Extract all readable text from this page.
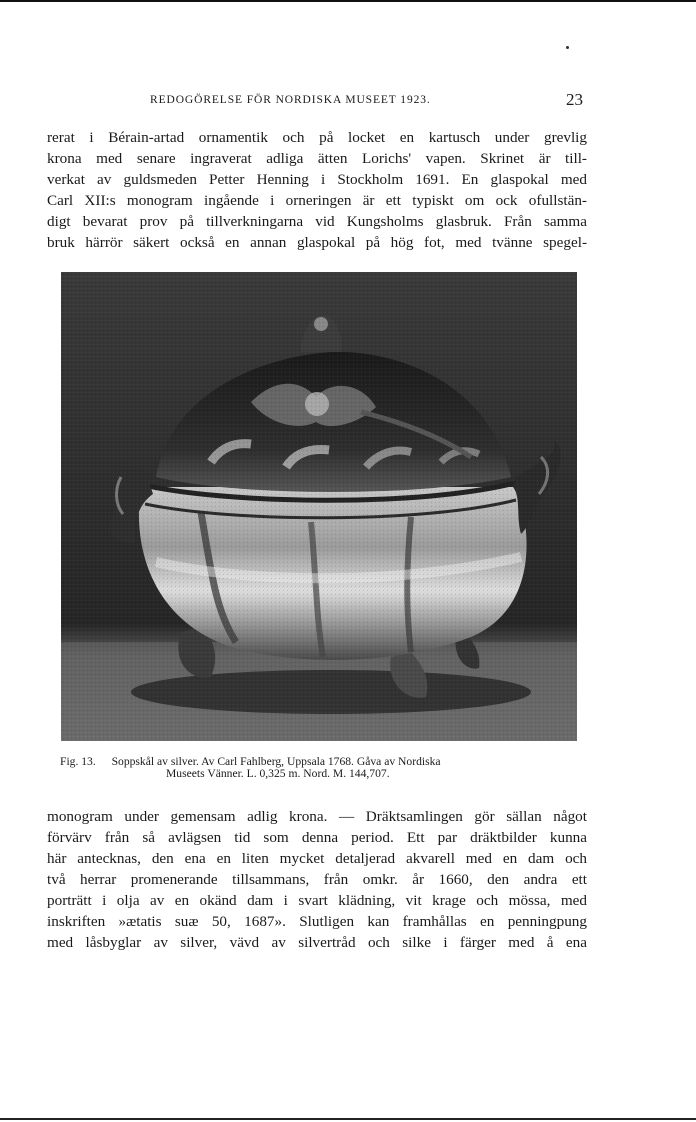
REDOGÖRELSE FÖR NORDISKA MUSEET 1923.	23
rerat i Bérain-artad ornamentik och på locket en kartusch under grevlig
krona med senare ingraverat adliga ätten Lorichs' vapen. Skrinet är till-
verkat av guldsmeden Petter Henning i Stockholm 1691. En glaspokal med
Carl XII:s monogram ingående i orneringen är ett typiskt om ock ofullstän-
digt bevarat prov på tillverkningarna vid Kungsholms glasbruk. Från samma
bruk härrör säkert också en annan glaspokal på hög fot, med tvänne spegel-
Fig. 13. Soppskål av silver. Av Carl Fahlberg, Uppsala 1768. Gåva av Nordiska
Museets Vänner. L. 0,325 m. Nord. M. 144,707.
monogram under gemensam adlig krona. — Dräktsamlingen gör sällan något
förvärv från så avlägsen tid som denna period. Ett par dräktbilder kunna
här antecknas, den ena en liten mycket detaljerad akvarell med en dam och
två herrar promenerande tillsammans, från omkr. år 1660, den andra ett
porträtt i olja av en okänd dam i svart klädning, vit krage och mössa, med
inskriften »ætatis suæ 50, 1687». Slutligen kan framhållas en penningpung
med låsbyglar av silver, vävd av silvertråd och silke i färger med å ena
